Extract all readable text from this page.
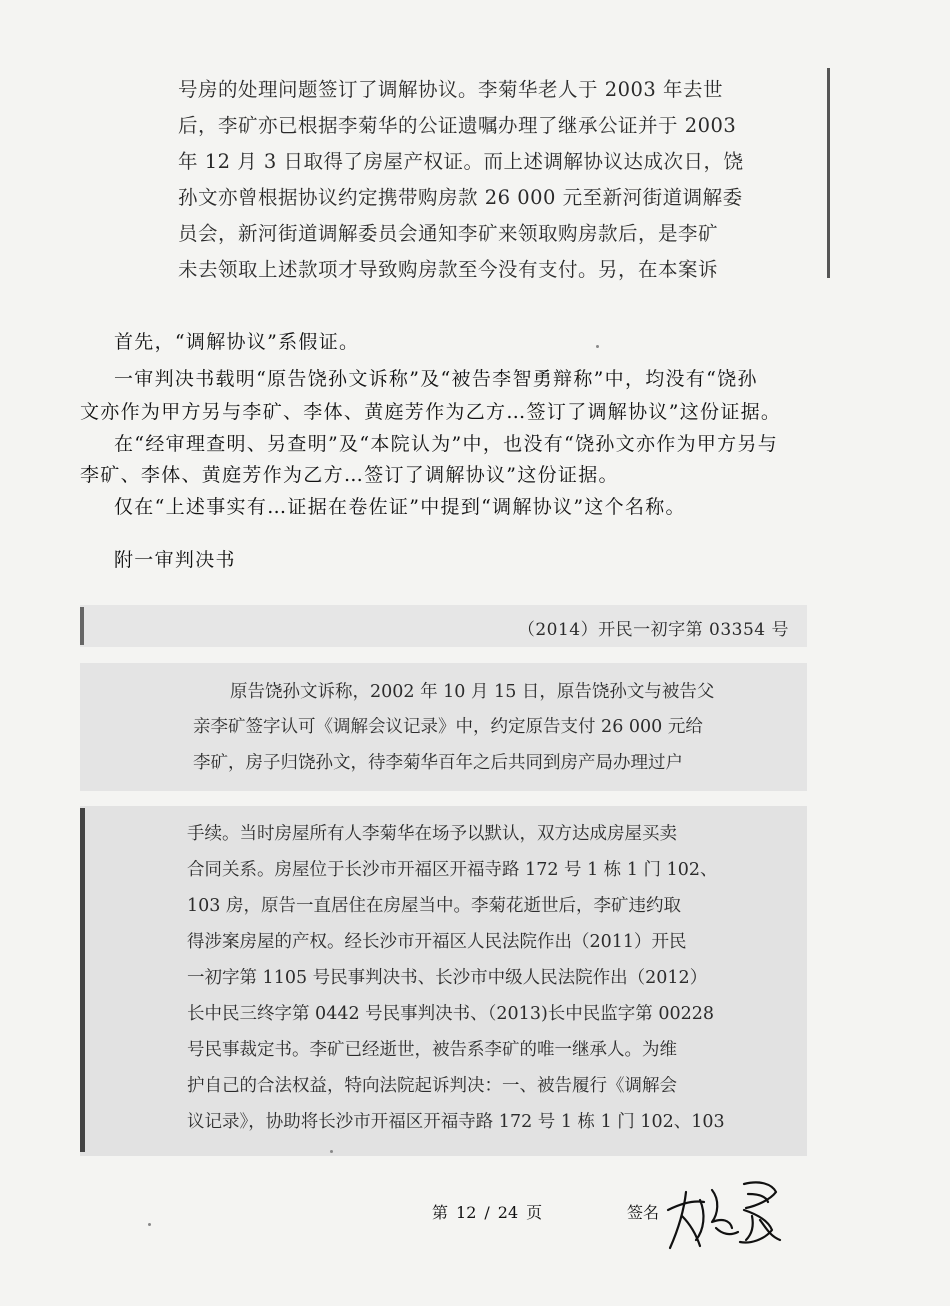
号房的处理问题签订了调解协议。李菊华老人于 2003 年去世
后，李矿亦已根据李菊华的公证遗嘱办理了继承公证并于 2003
年 12 月 3 日取得了房屋产权证。而上述调解协议达成次日，饶
孙文亦曾根据协议约定携带购房款 26 000 元至新河街道调解委
员会，新河街道调解委员会通知李矿来领取购房款后，是李矿
未去领取上述款项才导致购房款至今没有支付。另，在本案诉
首先，“调解协议”系假证。
一审判决书载明“原告饶孙文诉称”及“被告李智勇辩称”中，均没有“饶孙
文亦作为甲方另与李矿、李体、黄庭芳作为乙方…签订了调解协议”这份证据。
在“经审理查明、另查明”及“本院认为”中，也没有“饶孙文亦作为甲方另与
李矿、李体、黄庭芳作为乙方…签订了调解协议”这份证据。
仅在“上述事实有…证据在卷佐证”中提到“调解协议”这个名称。
附一审判决书
（2014）开民一初字第 03354 号
原告饶孙文诉称，2002 年 10 月 15 日，原告饶孙文与被告父
亲李矿签字认可《调解会议记录》中，约定原告支付 26 000 元给
李矿，房子归饶孙文，待李菊华百年之后共同到房产局办理过户
手续。当时房屋所有人李菊华在场予以默认，双方达成房屋买卖
合同关系。房屋位于长沙市开福区开福寺路 172 号 1 栋 1 门 102、
103 房，原告一直居住在房屋当中。李菊花逝世后，李矿违约取
得涉案房屋的产权。经长沙市开福区人民法院作出（2011）开民
一初字第 1105 号民事判决书、长沙市中级人民法院作出（2012）
长中民三终字第 0442 号民事判决书、（2013)长中民监字第 00228
号民事裁定书。李矿已经逝世，被告系李矿的唯一继承人。为维
护自己的合法权益，特向法院起诉判决：一、被告履行《调解会
议记录》，协助将长沙市开福区开福寺路 172 号 1 栋 1 门 102、103
第 12 / 24 页	签名
